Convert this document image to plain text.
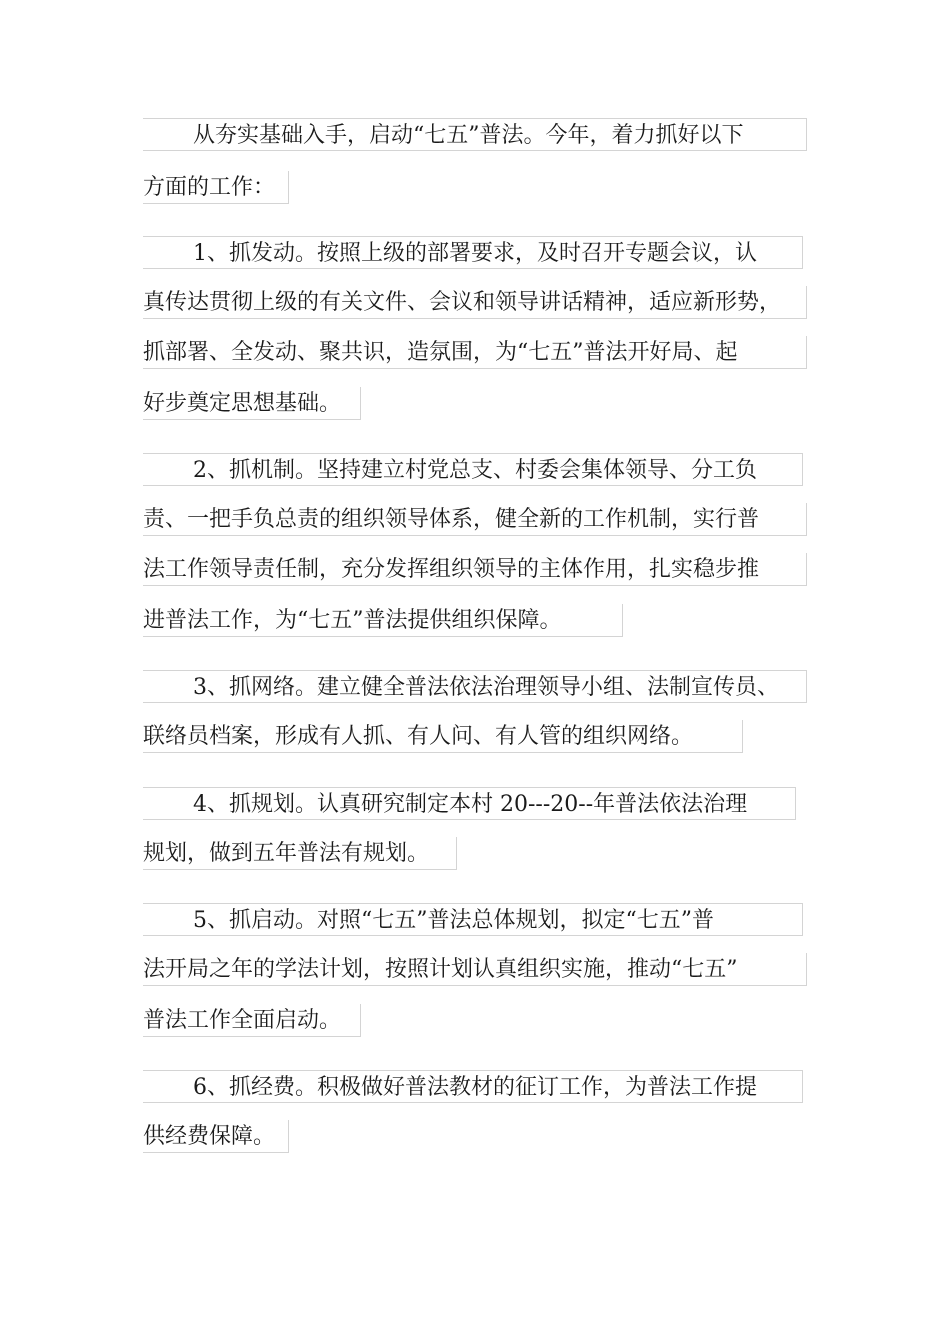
从夯实基础入手，启动“七五”普法。今年，着力抓好以下
方面的工作：
1、抓发动。按照上级的部署要求，及时召开专题会议，认
真传达贯彻上级的有关文件、会议和领导讲话精神，适应新形势，
抓部署、全发动、聚共识，造氛围，为“七五”普法开好局、起
好步奠定思想基础。
2、抓机制。坚持建立村党总支、村委会集体领导、分工负
责、一把手负总责的组织领导体系，健全新的工作机制，实行普
法工作领导责任制，充分发挥组织领导的主体作用，扎实稳步推
进普法工作，为“七五”普法提供组织保障。
3、抓网络。建立健全普法依法治理领导小组、法制宣传员、
联络员档案，形成有人抓、有人问、有人管的组织网络。
4、抓规划。认真研究制定本村 20---20--年普法依法治理
规划，做到五年普法有规划。
5、抓启动。对照“七五”普法总体规划，拟定“七五”普
法开局之年的学法计划，按照计划认真组织实施，推动“七五”
普法工作全面启动。
6、抓经费。积极做好普法教材的征订工作，为普法工作提
供经费保障。
